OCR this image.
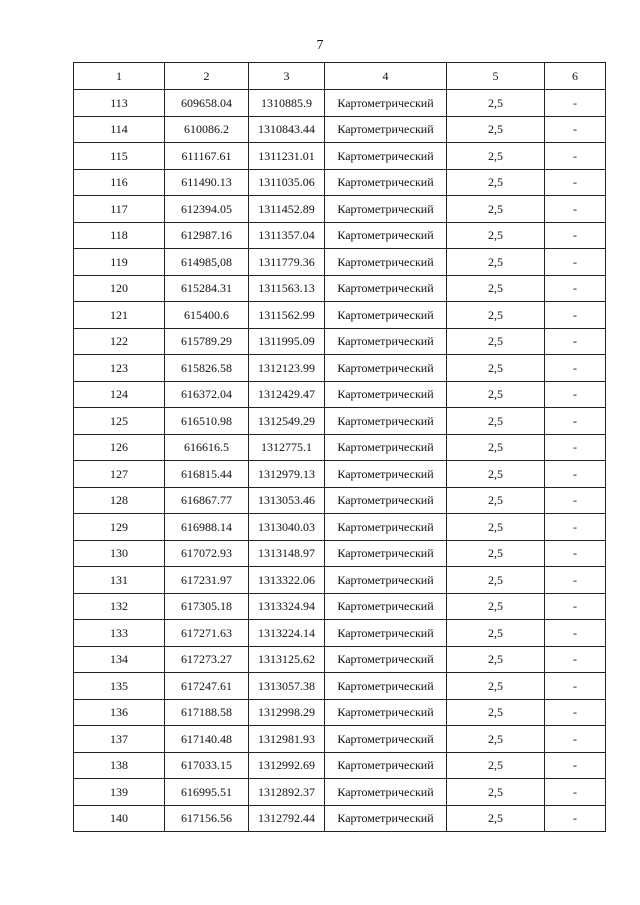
7
1	2	3	4	5	6
113	609658.04	1310885.9	Картометрический	2,5	-
114	610086.2	1310843.44	Картометрический	2,5	-
115	611167.61	1311231.01	Картометрический	2,5	-
116	611490.13	1311035.06	Картометрический	2,5	-
117	612394.05	1311452.89	Картометрический	2,5	-
118	612987.16	1311357.04	Картометрический	2,5	-
119	614985,08	1311779.36	Картометрический	2,5	-
120	615284.31	1311563.13	Картометрический	2,5	-
121	615400.6	1311562.99	Картометрический	2,5	-
122	615789.29	1311995.09	Картометрический	2,5	-
123	615826.58	1312123.99	Картометрический	2,5	-
124	616372.04	1312429.47	Картометрический	2,5	-
125	616510.98	1312549.29	Картометрический	2,5	-
126	616616.5	1312775.1	Картометрический	2,5	-
127	616815.44	1312979.13	Картометрический	2,5	-
128	616867.77	1313053.46	Картометрический	2,5	-
129	616988.14	1313040.03	Картометрический	2,5	-
130	617072.93	1313148.97	Картометрический	2,5	-
131	617231.97	1313322.06	Картометрический	2,5	-
132	617305.18	1313324.94	Картометрический	2,5	-
133	617271.63	1313224.14	Картометрический	2,5	-
134	617273.27	1313125.62	Картометрический	2,5	-
135	617247.61	1313057.38	Картометрический	2,5	-
136	617188.58	1312998.29	Картометрический	2,5	-
137	617140.48	1312981.93	Картометрический	2,5	-
138	617033.15	1312992.69	Картометрический	2,5	-
139	616995.51	1312892.37	Картометрический	2,5	-
140	617156.56	1312792.44	Картометрический	2,5	-
